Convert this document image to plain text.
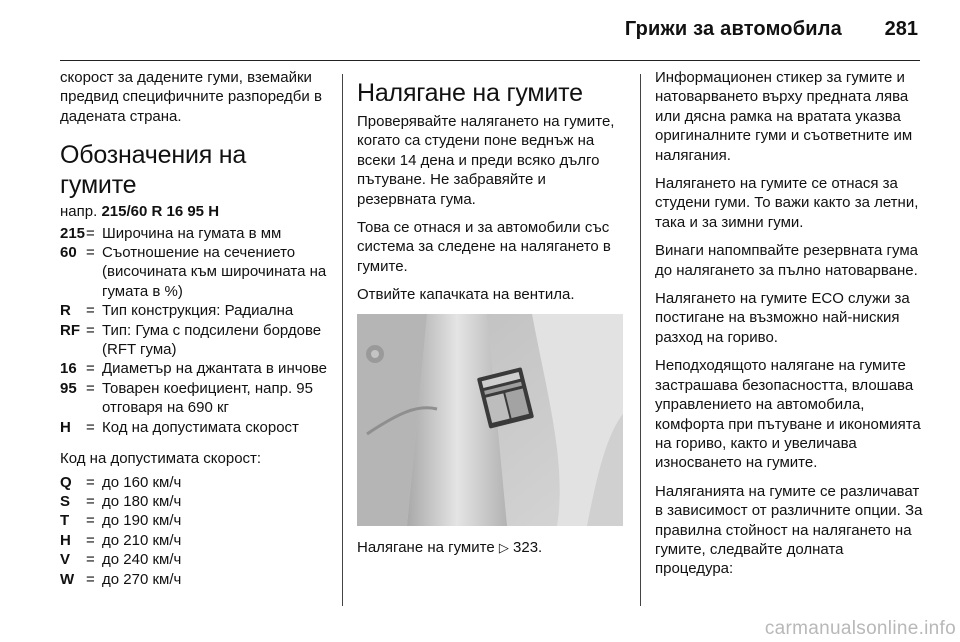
Грижи за автомобила 281

скорост за дадените гуми, вземайки предвид специфичните разпоредби в дадената страна.

Обозначения на гумите
напр. 215/60 R 16 95 H
215 = Широчина на гумата в мм
60 = Съотношение на сечението (височината към широчината на гумата в %)
R	= Тип конструкция: Радиална
RF = Тип: Гума с подсилени бордове (RFT гума)
16 = Диаметър на джантата в инчове
95 = Товарен коефициент, напр. 95 отговаря на 690 кг
H	= Код на допустимата скорост

Код на допустимата скорост:

Q = до 160 км/ч
S	= до 180 км/ч
T	= до 190 км/ч
H	= до 210 км/ч
V	= до 240 км/ч
W = до 270 км/ч
Налягане на гумите

Проверявайте налягането на гумите, когато са студени поне веднъж на всеки 14 дена и преди всяко дълго пътуване. Не забравяйте и резервната гума.

Това се отнася и за автомобили със система за следене на налягането в гумите.

Отвийте капачката на вентила.

Налягане на гумите ▷ 323.

Информационен стикер за гумите и натоварването върху предната лява или дясна рамка на вратата указва оригиналните гуми и съответните им налягания.

Налягането на гумите се отнася за студени гуми. То важи както за летни, така и за зимни гуми.

Винаги напомпвайте резервната гума до налягането за пълно натоварване.

Налягането на гумите ECO служи за постигане на възможно най-ниския разход на гориво.

Неподходящото налягане на гумите застрашава безопасността, влошава управлението на автомобила, комфорта при пътуване и икономията на гориво, както и увеличава износването на гумите.

Наляганията на гумите се различават в зависимост от различните опции. За правилна стойност на налягането на гумите, следвайте долната процедура:

carmanualsonline.info
